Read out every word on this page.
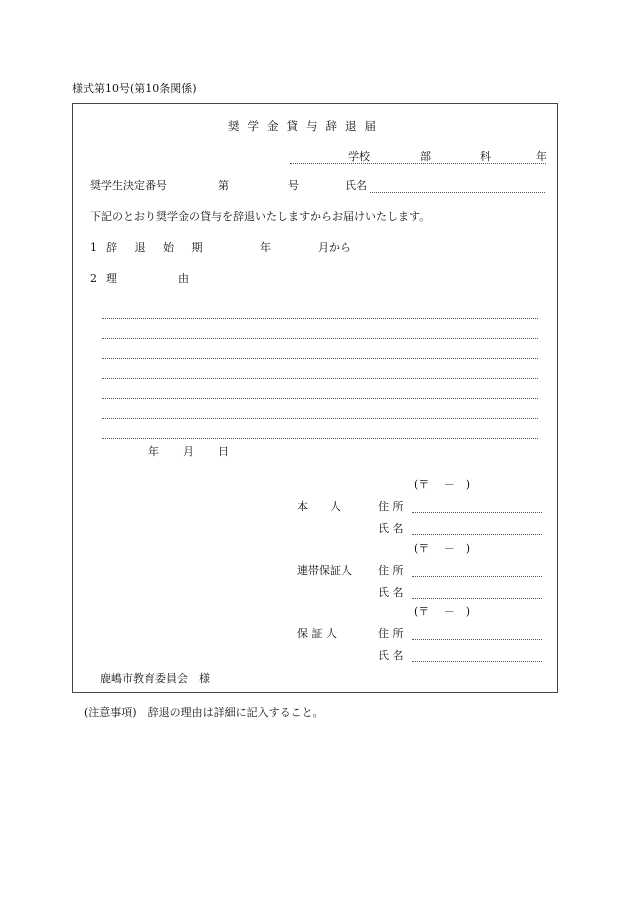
様式第10号(第10条関係)
奨学金貸与辞退届
学校	部	科	年
奨学生決定番号	第	号	氏名
下記のとおり奨学金の貸与を辞退いたしますからお届けいたします。
1 辞 退 始 期	年	月から
2 理	由
年 月 日
(〒　 －　)
本　　人	住 所
氏 名
(〒　 －　)
連帯保証人 住 所
氏 名
(〒　 －　)
保 証 人	住 所
氏 名
鹿嶋市教育委員会　様
(注意事項)　辞退の理由は詳細に記入すること。
